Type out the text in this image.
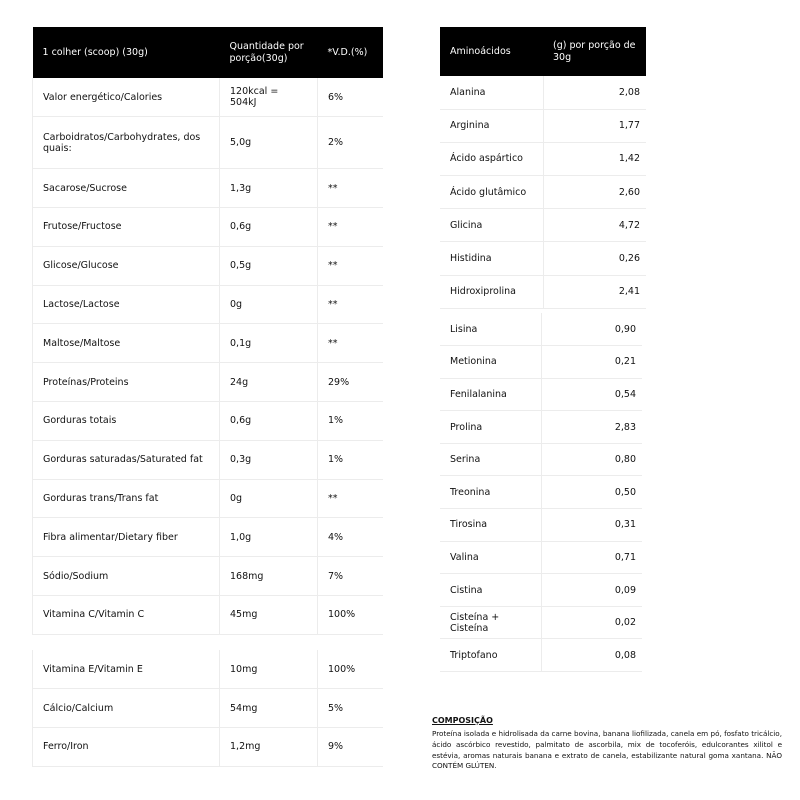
1 colher (scoop) (30g)	Quantidade por porção(30g)	*V.D.(%)
Valor energético/Calories	120kcal = 504kJ	6%
Carboidratos/Carbohydrates, dos quais:	5,0g	2%
Sacarose/Sucrose	1,3g	**
Frutose/Fructose	0,6g	**
Glicose/Glucose	0,5g	**
Lactose/Lactose	0g	**
Maltose/Maltose	0,1g	**
Proteínas/Proteins	24g	29%
Gorduras totais	0,6g	1%
Gorduras saturadas/Saturated fat	0,3g	1%
Gorduras trans/Trans fat	0g	**
Fibra alimentar/Dietary fiber	1,0g	4%
Sódio/Sodium	168mg	7%
Vitamina C/Vitamin C	45mg	100%
Vitamina E/Vitamin E	10mg	100%
Cálcio/Calcium	54mg	5%
Ferro/Iron	1,2mg	9%
Aminoácidos	(g) por porção de 30g
Alanina	2,08
Arginina	1,77
Ácido aspártico	1,42
Ácido glutâmico	2,60
Glicina	4,72
Histidina	0,26
Hidroxiprolina	2,41
Lisina	0,90
Metionina	0,21
Fenilalanina	0,54
Prolina	2,83
Serina	0,80
Treonina	0,50
Tirosina	0,31
Valina	0,71
Cistina	0,09
Cisteína + Cisteína	0,02
Triptofano	0,08
COMPOSIÇÃO
Proteína isolada e hidrolisada da carne bovina, banana liofilizada, canela em pó, fosfato tricálcio, ácido ascórbico revestido, palmitato de ascorbila, mix de tocoferóis, edulcorantes xilitol e estévia, aromas naturais banana e extrato de canela, estabilizante natural goma xantana. NÃO CONTÉM GLÚTEN.
